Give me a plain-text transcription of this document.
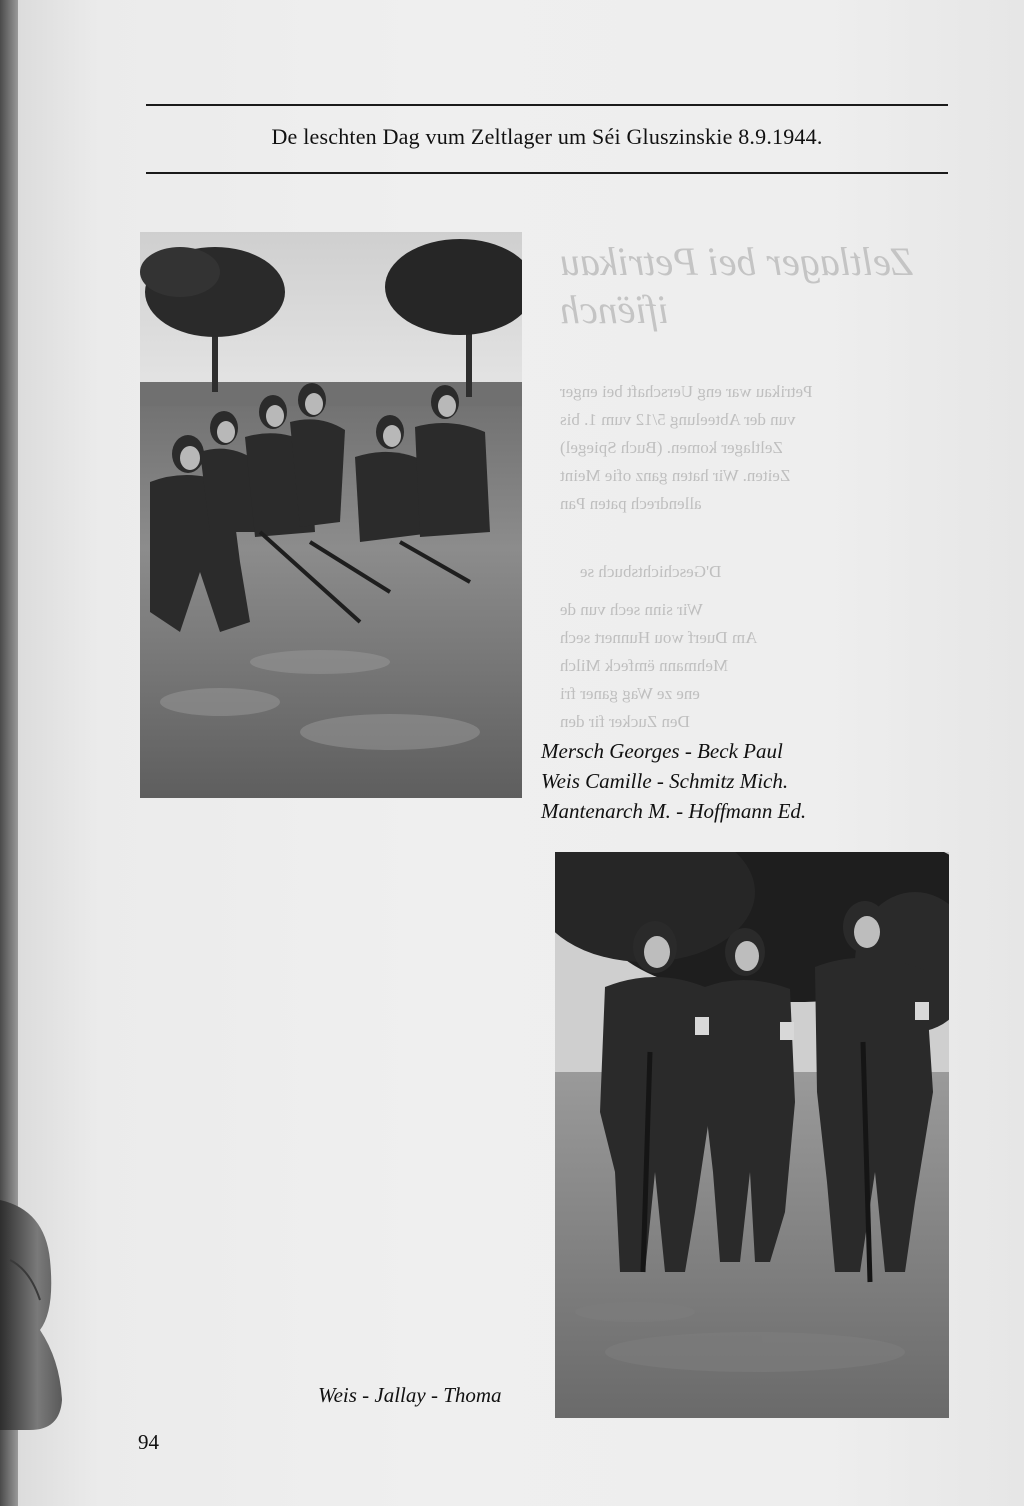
Zeltlager bei Petrikau
ifiënch
Petrikau war eng Uerschaft bei enger
vun der Abteelung 5/12 vum 1. bis
Zeltlager komen. (Buch Spiegel)
Zeiten. Wir haten ganz ofie Meint
allendrech paten Pan
D'Geschichtsbuch se
Wir sinn sech vun de
Am Duerf wou Hunnert sech
Mehmann ëmfeck Milch
ene ze Wag ganer fri
Den Zucker fir den
De leschten Dag vum Zeltlager um Séi Gluszinskie 8.9.1944.
Mersch Georges - Beck Paul
Weis Camille - Schmitz Mich.
Mantenarch M. - Hoffmann Ed.
Weis - Jallay - Thoma
94
